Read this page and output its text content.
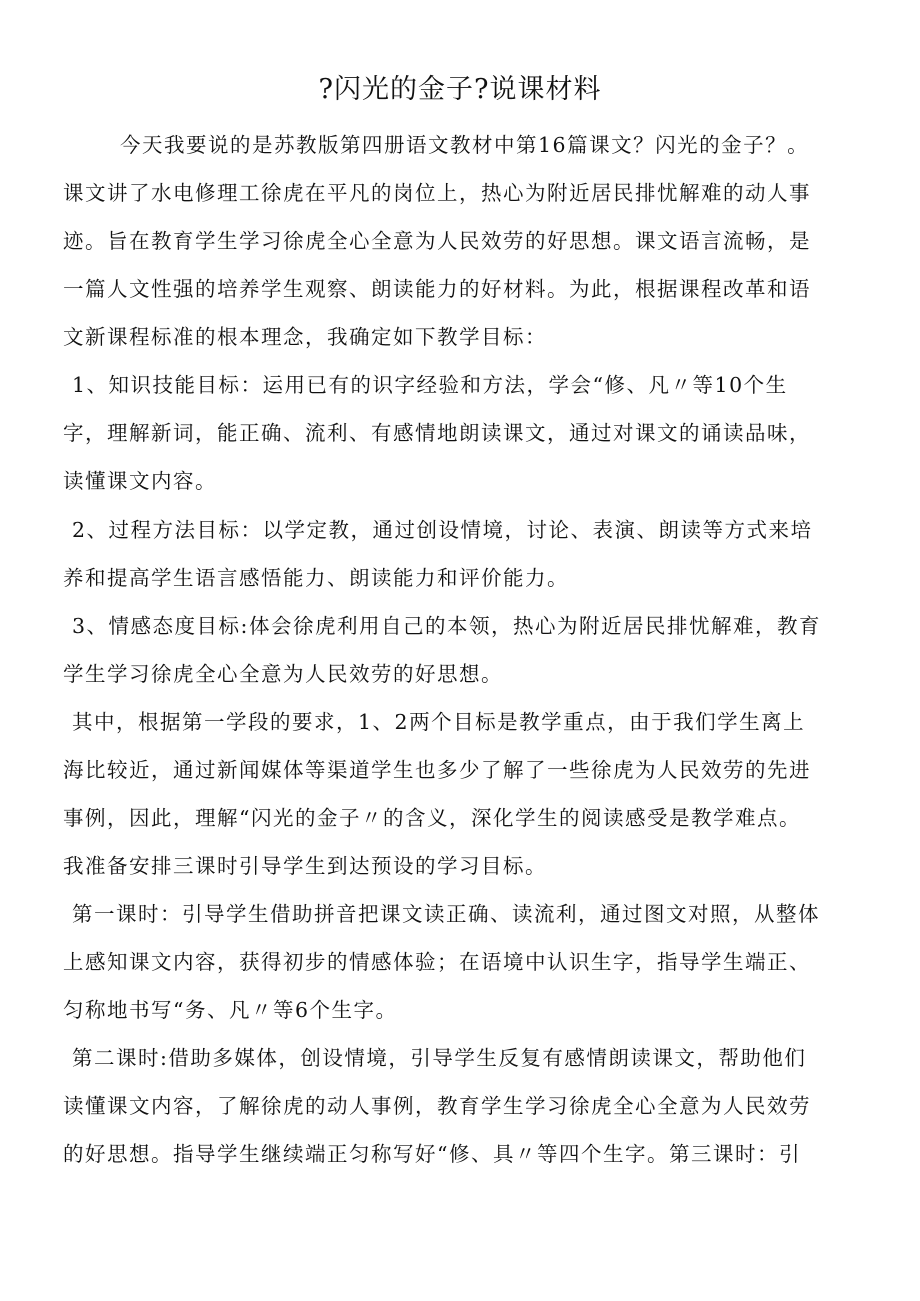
?闪光的金子?说课材料
今天我要说的是苏教版第四册语文教材中第16篇课文？闪光的金子？。
课文讲了水电修理工徐虎在平凡的岗位上，热心为附近居民排忧解难的动人事
迹。旨在教育学生学习徐虎全心全意为人民效劳的好思想。课文语言流畅，是
一篇人文性强的培养学生观察、朗读能力的好材料。为此，根据课程改革和语
文新课程标准的根本理念，我确定如下教学目标：
1、知识技能目标：运用已有的识字经验和方法，学会“修、凡〃等10个生
字，理解新词，能正确、流利、有感情地朗读课文，通过对课文的诵读品味，
读懂课文内容。
2、过程方法目标：以学定教，通过创设情境，讨论、表演、朗读等方式来培
养和提高学生语言感悟能力、朗读能力和评价能力。
3、情感态度目标:体会徐虎利用自己的本领，热心为附近居民排忧解难，教育
学生学习徐虎全心全意为人民效劳的好思想。
其中，根据第一学段的要求，1、2两个目标是教学重点，由于我们学生离上
海比较近，通过新闻媒体等渠道学生也多少了解了一些徐虎为人民效劳的先进
事例，因此，理解“闪光的金子〃的含义，深化学生的阅读感受是教学难点。
我准备安排三课时引导学生到达预设的学习目标。
第一课时：引导学生借助拼音把课文读正确、读流利，通过图文对照，从整体
上感知课文内容，获得初步的情感体验；在语境中认识生字，指导学生端正、
匀称地书写“务、凡〃等6个生字。
第二课时:借助多媒体，创设情境，引导学生反复有感情朗读课文，帮助他们
读懂课文内容，了解徐虎的动人事例，教育学生学习徐虎全心全意为人民效劳
的好思想。指导学生继续端正匀称写好“修、具〃等四个生字。第三课时：引
